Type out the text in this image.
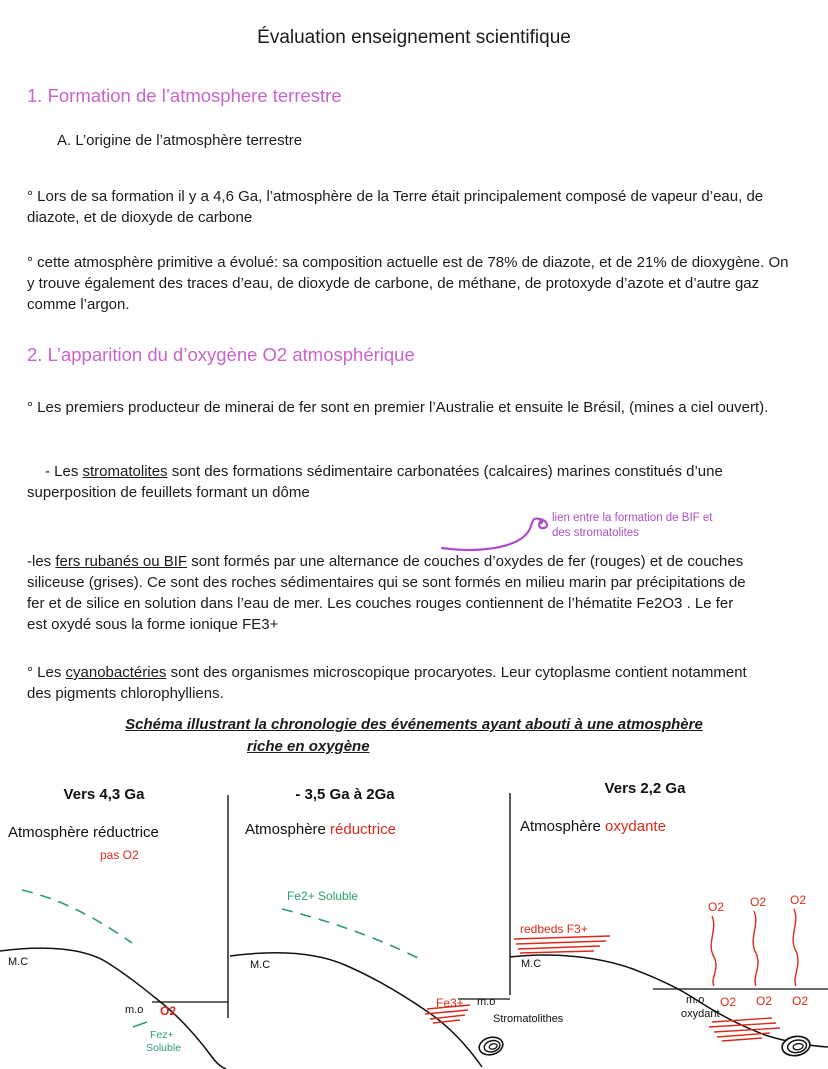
Évaluation enseignement scientifique
1. Formation de l’atmosphere terrestre

A. L’origine de l’atmosphère terrestre

° Lors de sa formation il y a 4,6 Ga, l’atmosphère de la Terre était principalement composé de vapeur d’eau, de diazote, et de dioxyde de carbone

° cette atmosphère primitive a évolué: sa composition actuelle est de 78% de diazote, et de 21% de dioxygène. On y trouve également des traces d’eau, de dioxyde de carbone, de méthane, de protoxyde d’azote et d’autre gaz comme l’argon.

2. L’apparition du d’oxygène O2 atmosphérique

° Les premiers producteur de minerai de fer sont en premier l’Australie et ensuite le Brésil, (mines a ciel ouvert).

- Les stromatolites sont des formations sédimentaire carbonatées (calcaires) marines constitués d’une superposition de feuillets formant un dôme

lien entre la formation de BIF et
des stromatolites

-les fers rubanés ou BIF sont formés par une alternance de couches d’oxydes de fer (rouges) et de couches siliceuse (grises). Ce sont des roches sédimentaires qui se sont formés en milieu marin par précipitations de fer et de silice en solution dans l’eau de mer. Les couches rouges contiennent de l’hématite Fe2O3 . Le fer est oxydé sous la forme ionique FE3+

° Les cyanobactéries sont des organismes microscopique procaryotes. Leur cytoplasme contient notamment des pigments chlorophylliens.

Schéma illustrant la chronologie des événements ayant abouti à une atmosphère
riche en oxygène
Vers 4,3 Ga
Atmosphère réductrice
pas O2
M.C
m.o O2
Fez+
Soluble
- 3,5 Ga à 2Ga
Atmosphère réductrice
Fe2+ Soluble
M.C
Fe3+ m.o
Stromatolithes
Vers 2,2 Ga
Atmosphère oxydante
redbeds F3+
M.C
O2 O2 O2
m.o
oxydant
O2 O2 O2
